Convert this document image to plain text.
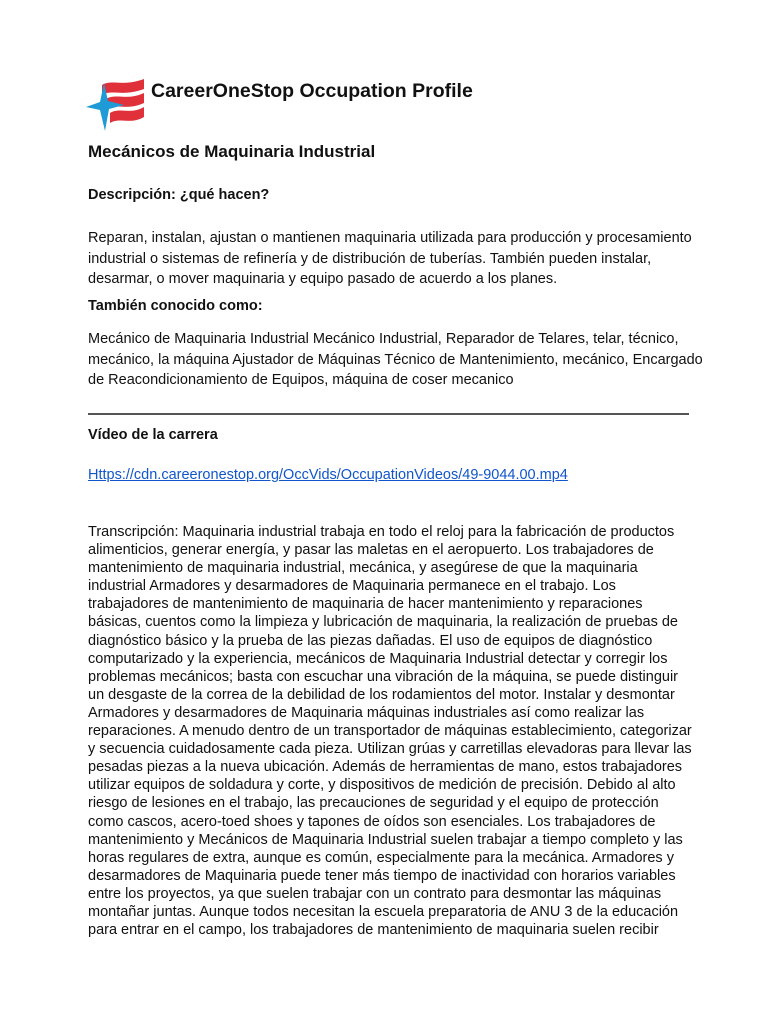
CareerOneStop Occupation Profile
Mecánicos de Maquinaria Industrial
Descripción: ¿qué hacen?

Reparan, instalan, ajustan o mantienen maquinaria utilizada para producción y procesamiento industrial o sistemas de refinería y de distribución de tuberías. También pueden instalar, desarmar, o mover maquinaria y equipo pasado de acuerdo a los planes.

También conocido como:

Mecánico de Maquinaria Industrial Mecánico Industrial, Reparador de Telares, telar, técnico, mecánico, la máquina Ajustador de Máquinas Técnico de Mantenimiento, mecánico, Encargado de Reacondicionamiento de Equipos, máquina de coser mecanico

Vídeo de la carrera
Https://cdn.careeronestop.org/OccVids/OccupationVideos/49-9044.00.mp4

Transcripción: Maquinaria industrial trabaja en todo el reloj para la fabricación de productos alimenticios, generar energía, y pasar las maletas en el aeropuerto. Los trabajadores de mantenimiento de maquinaria industrial, mecánica, y asegúrese de que la maquinaria industrial Armadores y desarmadores de Maquinaria permanece en el trabajo. Los trabajadores de mantenimiento de maquinaria de hacer mantenimiento y reparaciones básicas, cuentos como la limpieza y lubricación de maquinaria, la realización de pruebas de diagnóstico básico y la prueba de las piezas dañadas. El uso de equipos de diagnóstico computarizado y la experiencia, mecánicos de Maquinaria Industrial detectar y corregir los problemas mecánicos; basta con escuchar una vibración de la máquina, se puede distinguir un desgaste de la correa de la debilidad de los rodamientos del motor. Instalar y desmontar Armadores y desarmadores de Maquinaria máquinas industriales así como realizar las reparaciones. A menudo dentro de un transportador de máquinas establecimiento, categorizar y secuencia cuidadosamente cada pieza. Utilizan grúas y carretillas elevadoras para llevar las pesadas piezas a la nueva ubicación. Además de herramientas de mano, estos trabajadores utilizar equipos de soldadura y corte, y dispositivos de medición de precisión. Debido al alto riesgo de lesiones en el trabajo, las precauciones de seguridad y el equipo de protección como cascos, acero-toed shoes y tapones de oídos son esenciales. Los trabajadores de mantenimiento y Mecánicos de Maquinaria Industrial suelen trabajar a tiempo completo y las horas regulares de extra, aunque es común, especialmente para la mecánica. Armadores y desarmadores de Maquinaria puede tener más tiempo de inactividad con horarios variables entre los proyectos, ya que suelen trabajar con un contrato para desmontar las máquinas montañar juntas. Aunque todos necesitan la escuela preparatoria de ANU 3 de la educación para entrar en el campo, los trabajadores de mantenimiento de maquinaria suelen recibir
